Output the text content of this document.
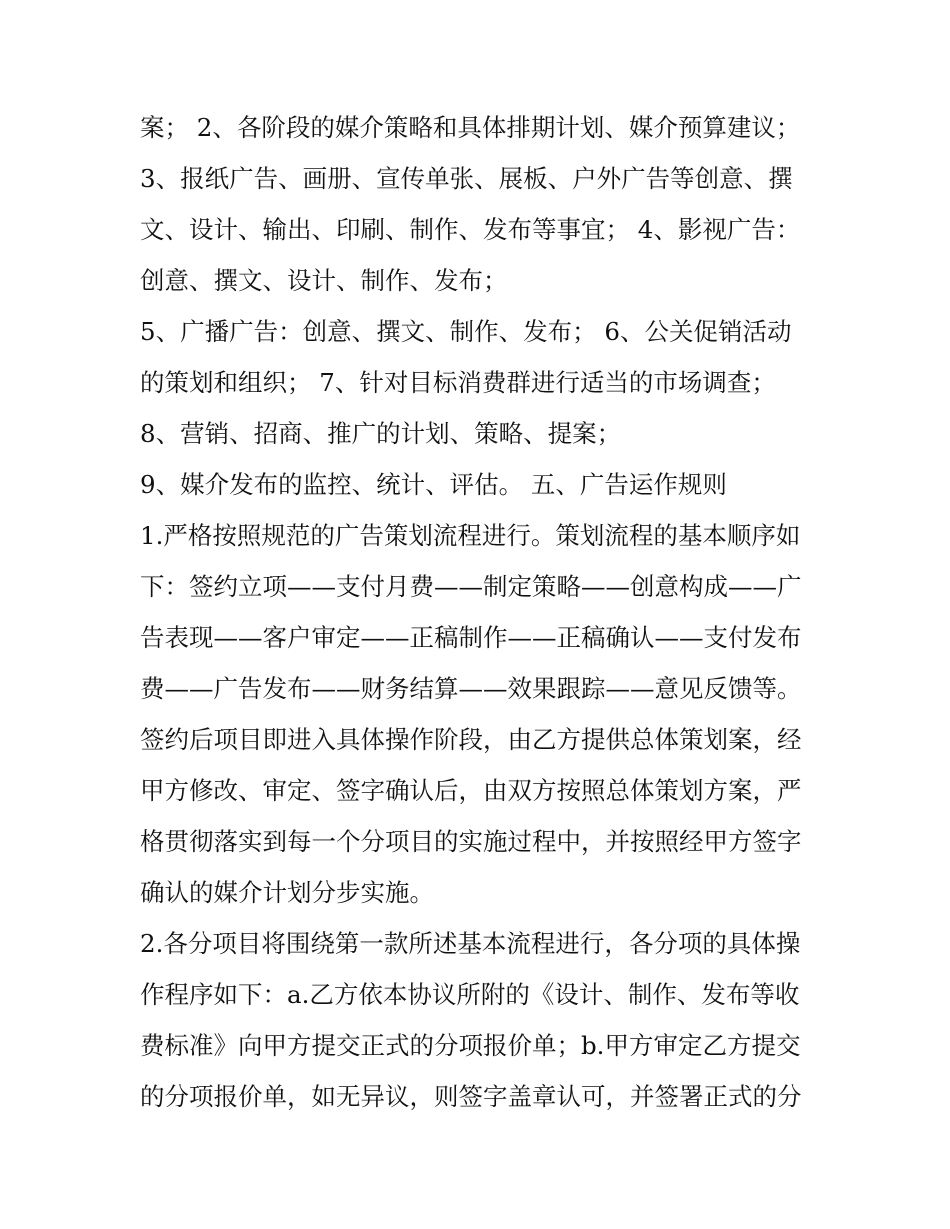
案； 2、各阶段的媒介策略和具体排期计划、媒介预算建议；
3、报纸广告、画册、宣传单张、展板、户外广告等创意、撰
文、设计、输出、印刷、制作、发布等事宜； 4、影视广告：
创意、撰文、设计、制作、发布；
5、广播广告：创意、撰文、制作、发布； 6、公关促销活动
的策划和组织； 7、针对目标消费群进行适当的市场调查；
8、营销、招商、推广的计划、策略、提案；
9、媒介发布的监控、统计、评估。 五、广告运作规则
1.严格按照规范的广告策划流程进行。策划流程的基本顺序如
下：签约立项——支付月费——制定策略——创意构成——广
告表现——客户审定——正稿制作——正稿确认——支付发布
费——广告发布——财务结算——效果跟踪——意见反馈等。
签约后项目即进入具体操作阶段，由乙方提供总体策划案，经
甲方修改、审定、签字确认后，由双方按照总体策划方案，严
格贯彻落实到每一个分项目的实施过程中，并按照经甲方签字
确认的媒介计划分步实施。
2.各分项目将围绕第一款所述基本流程进行，各分项的具体操
作程序如下：a.乙方依本协议所附的《设计、制作、发布等收
费标准》向甲方提交正式的分项报价单；b.甲方审定乙方提交
的分项报价单，如无异议，则签字盖章认可，并签署正式的分
